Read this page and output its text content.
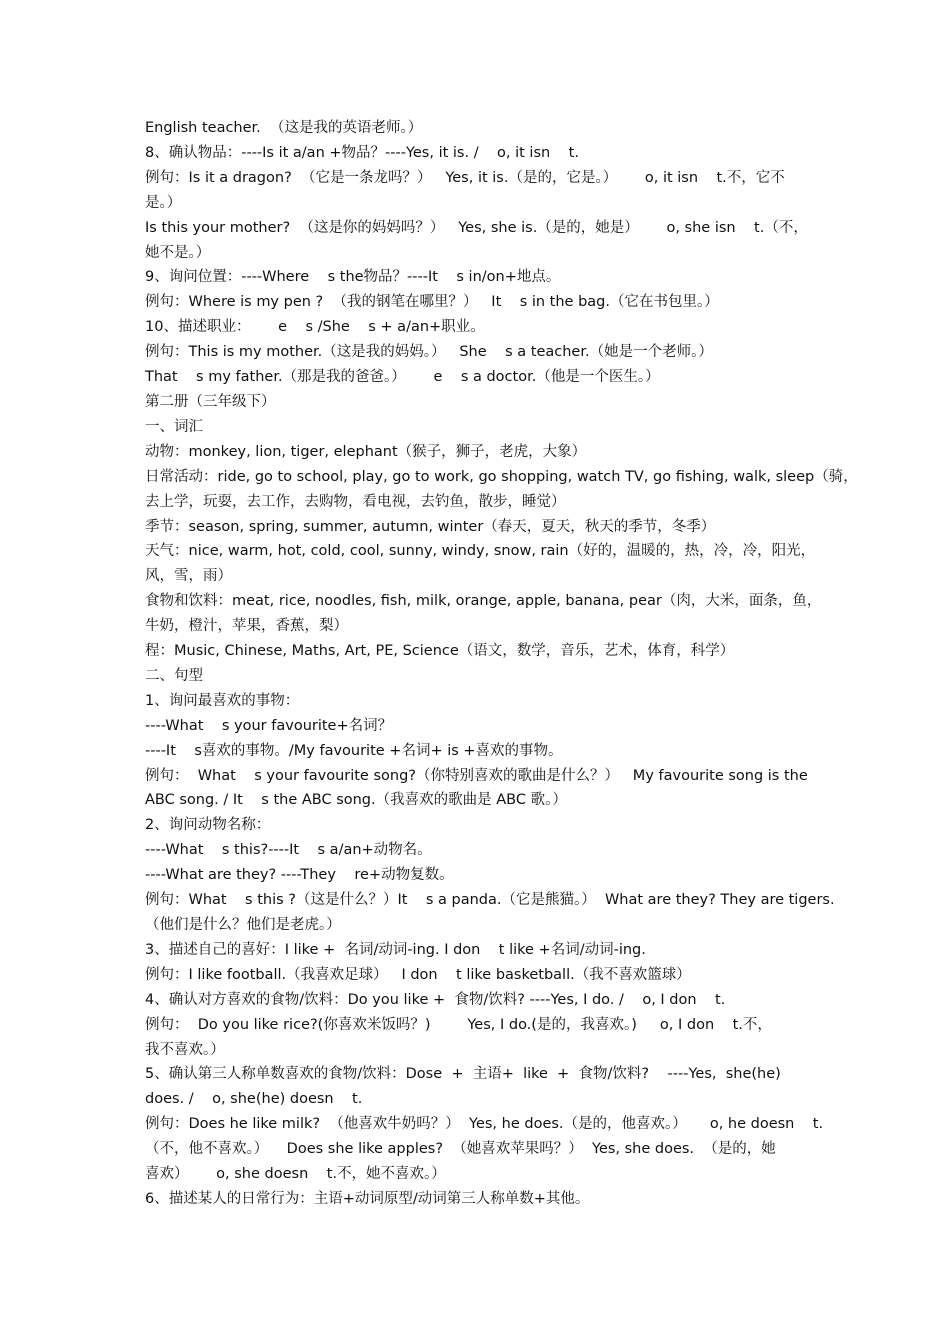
English teacher.  （这是我的英语老师。）
8、确认物品：----Is it a/an +物品？----Yes, it is. /    o, it isn    t.
例句：Is it a dragon?  （它是一条龙吗？）   Yes, it is.（是的，它是。）      o, it isn    t.不，它不
是。）
Is this your mother?  （这是你的妈妈吗？）   Yes, she is.（是的，她是）      o, she isn    t.（不，
她不是。）
9、询问位置：----Where    s the物品？----It    s in/on+地点。
例句：Where is my pen ?  （我的钢笔在哪里？）   It    s in the bag.（它在书包里。）
10、描述职业：      e    s /She    s + a/an+职业。
例句：This is my mother.（这是我的妈妈。）   She    s a teacher.（她是一个老师。）
That    s my father.（那是我的爸爸。）      e    s a doctor.（他是一个医生。）
第二册（三年级下）
一、词汇
动物：monkey, lion, tiger, elephant（猴子，狮子，老虎，大象）
日常活动：ride, go to school, play, go to work, go shopping, watch TV, go fishing, walk, sleep（骑，
去上学，玩耍，去工作，去购物，看电视，去钓鱼，散步，睡觉）
季节：season, spring, summer, autumn, winter（春天，夏天，秋天的季节，冬季）
天气：nice, warm, hot, cold, cool, sunny, windy, snow, rain（好的，温暖的，热，冷，冷，阳光，
风，雪，雨）
食物和饮料：meat, rice, noodles, fish, milk, orange, apple, banana, pear（肉，大米，面条，鱼，
牛奶，橙汁，苹果，香蕉，梨）
程：Music, Chinese, Maths, Art, PE, Science（语文，数学，音乐，艺术，体育，科学）
二、句型
1、询问最喜欢的事物：
----What    s your favourite+名词？
----It    s喜欢的事物。/My favourite +名词+ is +喜欢的事物。
例句：  What    s your favourite song?（你特别喜欢的歌曲是什么？）   My favourite song is the
ABC song. / It    s the ABC song.（我喜欢的歌曲是 ABC 歌。）
2、询问动物名称：
----What    s this?----It    s a/an+动物名。
----What are they? ----They    re+动物复数。
例句：What    s this ?（这是什么？）It    s a panda.（它是熊猫。）  What are they? They are tigers.
（他们是什么？他们是老虎。）
3、描述自己的喜好：I like +  名词/动词-ing. I don    t like +名词/动词-ing.
例句：I like football.（我喜欢足球）   I don    t like basketball.（我不喜欢篮球）
4、确认对方喜欢的食物/饮料：Do you like +  食物/饮料? ----Yes, I do. /    o, I don    t.
例句：  Do you like rice?(你喜欢米饭吗？)        Yes, I do.(是的，我喜欢。)     o, I don    t.不，
我不喜欢。）
5、确认第三人称单数喜欢的食物/饮料：Dose  +  主语+  like  +  食物/饮料?    ----Yes,  she(he)
does. /    o, she(he) doesn    t.
例句：Does he like milk?  （他喜欢牛奶吗？）  Yes, he does.（是的，他喜欢。）     o, he doesn    t.
（不，他不喜欢。）    Does she like apples?  （她喜欢苹果吗？）  Yes, she does.  （是的，她
喜欢）      o, she doesn    t.不，她不喜欢。）
6、描述某人的日常行为：主语+动词原型/动词第三人称单数+其他。
